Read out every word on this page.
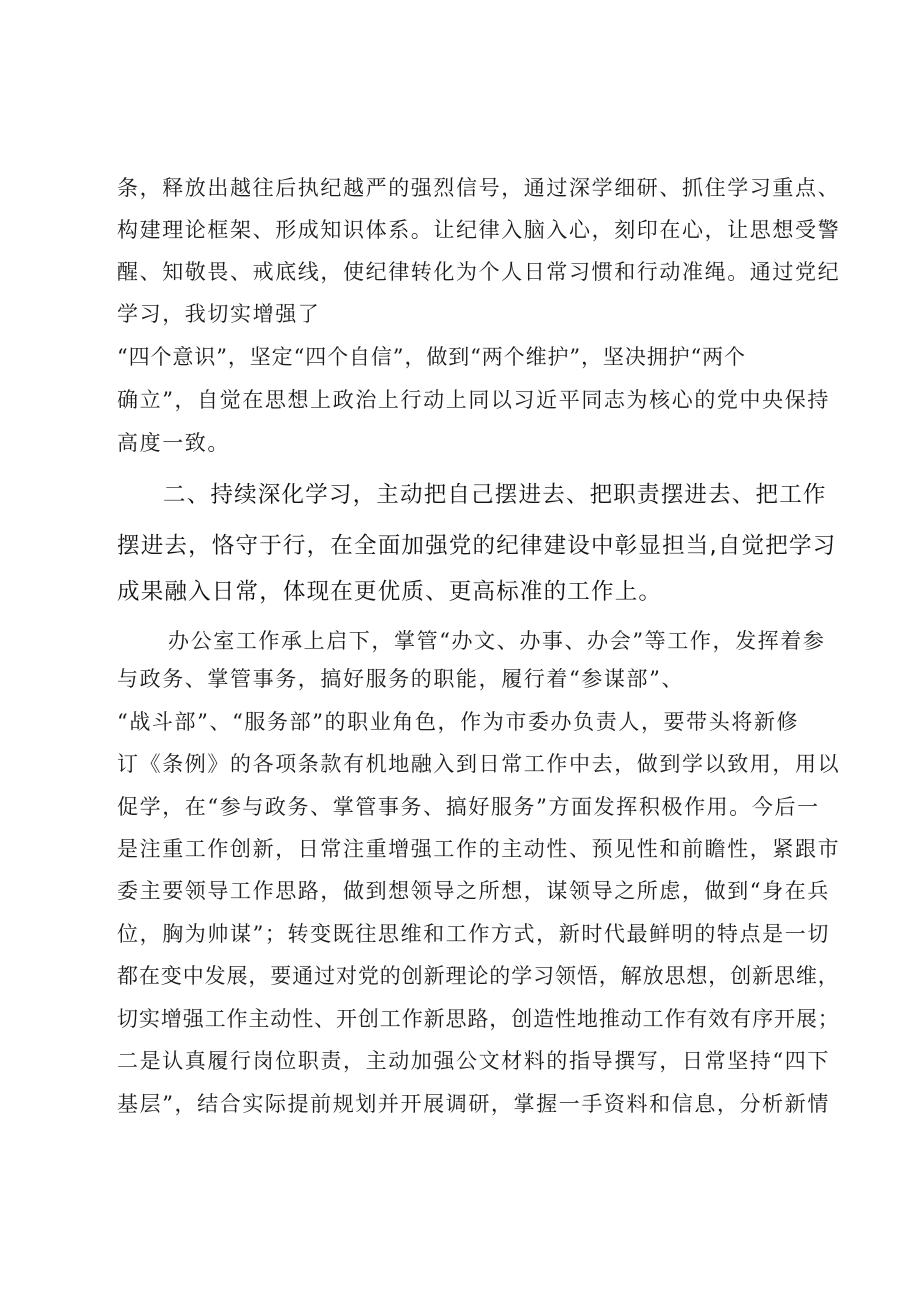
条，释放出越往后执纪越严的强烈信号，通过深学细研、抓住学习重点、
构建理论框架、形成知识体系。让纪律入脑入心，刻印在心，让思想受警
醒、知敬畏、戒底线，使纪律转化为个人日常习惯和行动准绳。通过党纪
学习，我切实增强了
“四个意识”，坚定“四个自信”，做到“两个维护”，坚决拥护“两个
确立”，自觉在思想上政治上行动上同以习近平同志为核心的党中央保持
高度一致。
二、持续深化学习，主动把自己摆进去、把职责摆进去、把工作
摆进去，恪守于行，在全面加强党的纪律建设中彰显担当,自觉把学习
成果融入日常，体现在更优质、更高标准的工作上。
办公室工作承上启下，掌管“办文、办事、办会”等工作，发挥着参
与政务、掌管事务，搞好服务的职能，履行着“参谋部”、
“战斗部”、“服务部”的职业角色，作为市委办负责人，要带头将新修
订《条例》的各项条款有机地融入到日常工作中去，做到学以致用，用以
促学，在“参与政务、掌管事务、搞好服务”方面发挥积极作用。今后一
是注重工作创新，日常注重增强工作的主动性、预见性和前瞻性，紧跟市
委主要领导工作思路，做到想领导之所想，谋领导之所虑，做到“身在兵
位，胸为帅谋”；转变既往思维和工作方式，新时代最鲜明的特点是一切
都在变中发展，要通过对党的创新理论的学习领悟，解放思想，创新思维，
切实增强工作主动性、开创工作新思路，创造性地推动工作有效有序开展；
二是认真履行岗位职责，主动加强公文材料的指导撰写，日常坚持“四下
基层”，结合实际提前规划并开展调研，掌握一手资料和信息，分析新情
